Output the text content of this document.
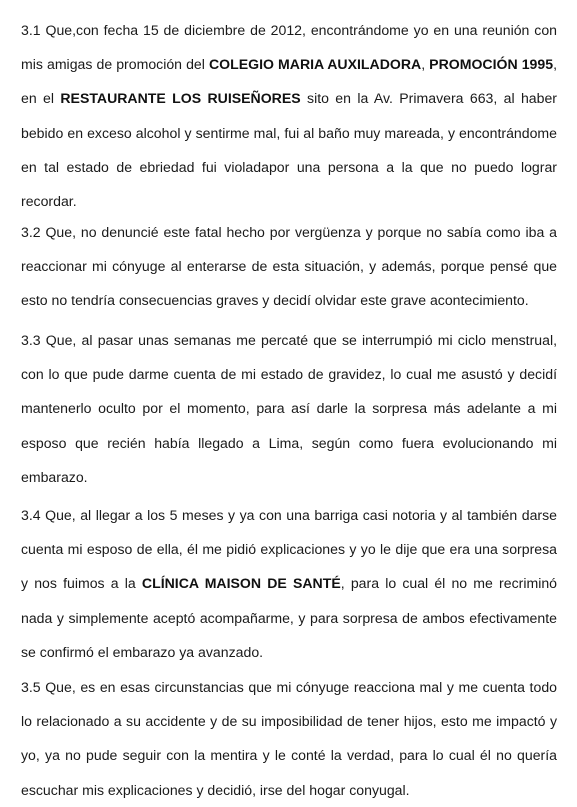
3.1 Que,con fecha 15 de diciembre de 2012, encontrándome yo en una reunión con mis amigas de promoción del COLEGIO MARIA AUXILADORA, PROMOCIÓN 1995, en el RESTAURANTE LOS RUISEÑORES sito en la Av. Primavera 663, al haber bebido en exceso alcohol y sentirme mal, fui al baño muy mareada, y encontrándome en tal estado de ebriedad fui violadapor una persona a la que no puedo lograr recordar.

3.2 Que, no denuncié este fatal hecho por vergüenza y porque no sabía como iba a reaccionar mi cónyuge al enterarse de esta situación, y además, porque pensé que esto no tendría consecuencias graves y decidí olvidar este grave acontecimiento.

3.3 Que, al pasar unas semanas me percaté que se interrumpió mi ciclo menstrual, con lo que pude darme cuenta de mi estado de gravidez, lo cual me asustó y decidí mantenerlo oculto por el momento, para así darle la sorpresa más adelante a mi esposo que recién había llegado a Lima, según como fuera evolucionando mi embarazo.

3.4 Que, al llegar a los 5 meses y ya con una barriga casi notoria y al también darse cuenta mi esposo de ella, él me pidió explicaciones y yo le dije que era una sorpresa y nos fuimos a la CLÍNICA MAISON DE SANTÉ, para lo cual él no me recriminó nada y simplemente aceptó acompañarme, y para sorpresa de ambos efectivamente se confirmó el embarazo ya avanzado.

3.5 Que, es en esas circunstancias que mi cónyuge reacciona mal y me cuenta todo lo relacionado a su accidente y de su imposibilidad de tener hijos, esto me impactó y yo, ya no pude seguir con la mentira y le conté la verdad, para lo cual él no quería escuchar mis explicaciones y decidió, irse del hogar conyugal.
